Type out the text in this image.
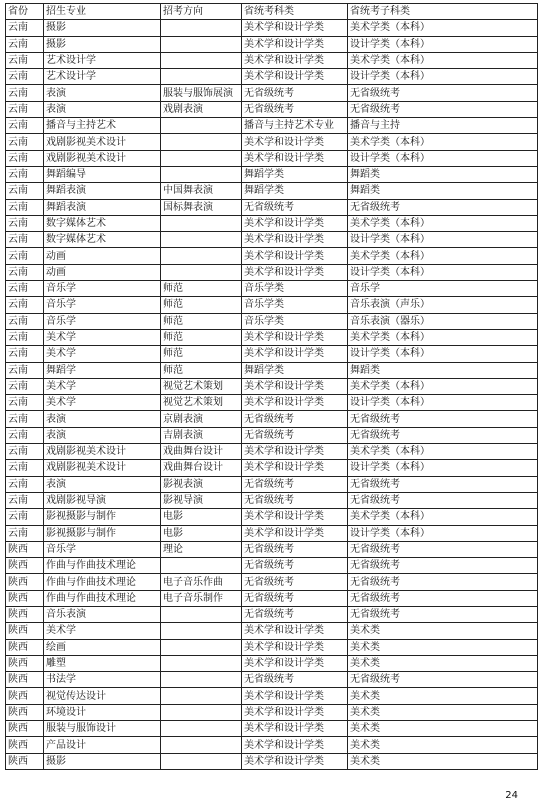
省份	招生专业	招考方向	省统考科类	省统考子科类
云南	摄影		美术学和设计学类	美术学类（本科）
云南	摄影		美术学和设计学类	设计学类（本科）
云南	艺术设计学		美术学和设计学类	美术学类（本科）
云南	艺术设计学		美术学和设计学类	设计学类（本科）
云南	表演	服装与服饰展演	无省级统考	无省级统考
云南	表演	戏剧表演	无省级统考	无省级统考
云南	播音与主持艺术		播音与主持艺术专业	播音与主持
云南	戏剧影视美术设计		美术学和设计学类	美术学类（本科）
云南	戏剧影视美术设计		美术学和设计学类	设计学类（本科）
云南	舞蹈编导		舞蹈学类	舞蹈类
云南	舞蹈表演	中国舞表演	舞蹈学类	舞蹈类
云南	舞蹈表演	国标舞表演	无省级统考	无省级统考
云南	数字媒体艺术		美术学和设计学类	美术学类（本科）
云南	数字媒体艺术		美术学和设计学类	设计学类（本科）
云南	动画		美术学和设计学类	美术学类（本科）
云南	动画		美术学和设计学类	设计学类（本科）
云南	音乐学	师范	音乐学类	音乐学
云南	音乐学	师范	音乐学类	音乐表演（声乐）
云南	音乐学	师范	音乐学类	音乐表演（器乐）
云南	美术学	师范	美术学和设计学类	美术学类（本科）
云南	美术学	师范	美术学和设计学类	设计学类（本科）
云南	舞蹈学	师范	舞蹈学类	舞蹈类
云南	美术学	视觉艺术策划	美术学和设计学类	美术学类（本科）
云南	美术学	视觉艺术策划	美术学和设计学类	设计学类（本科）
云南	表演	京剧表演	无省级统考	无省级统考
云南	表演	吉剧表演	无省级统考	无省级统考
云南	戏剧影视美术设计	戏曲舞台设计	美术学和设计学类	美术学类（本科）
云南	戏剧影视美术设计	戏曲舞台设计	美术学和设计学类	设计学类（本科）
云南	表演	影视表演	无省级统考	无省级统考
云南	戏剧影视导演	影视导演	无省级统考	无省级统考
云南	影视摄影与制作	电影	美术学和设计学类	美术学类（本科）
云南	影视摄影与制作	电影	美术学和设计学类	设计学类（本科）
陕西	音乐学	理论	无省级统考	无省级统考
陕西	作曲与作曲技术理论		无省级统考	无省级统考
陕西	作曲与作曲技术理论	电子音乐作曲	无省级统考	无省级统考
陕西	作曲与作曲技术理论	电子音乐制作	无省级统考	无省级统考
陕西	音乐表演		无省级统考	无省级统考
陕西	美术学		美术学和设计学类	美术类
陕西	绘画		美术学和设计学类	美术类
陕西	雕塑		美术学和设计学类	美术类
陕西	书法学		无省级统考	无省级统考
陕西	视觉传达设计		美术学和设计学类	美术类
陕西	环境设计		美术学和设计学类	美术类
陕西	服装与服饰设计		美术学和设计学类	美术类
陕西	产品设计		美术学和设计学类	美术类
陕西	摄影		美术学和设计学类	美术类
24
